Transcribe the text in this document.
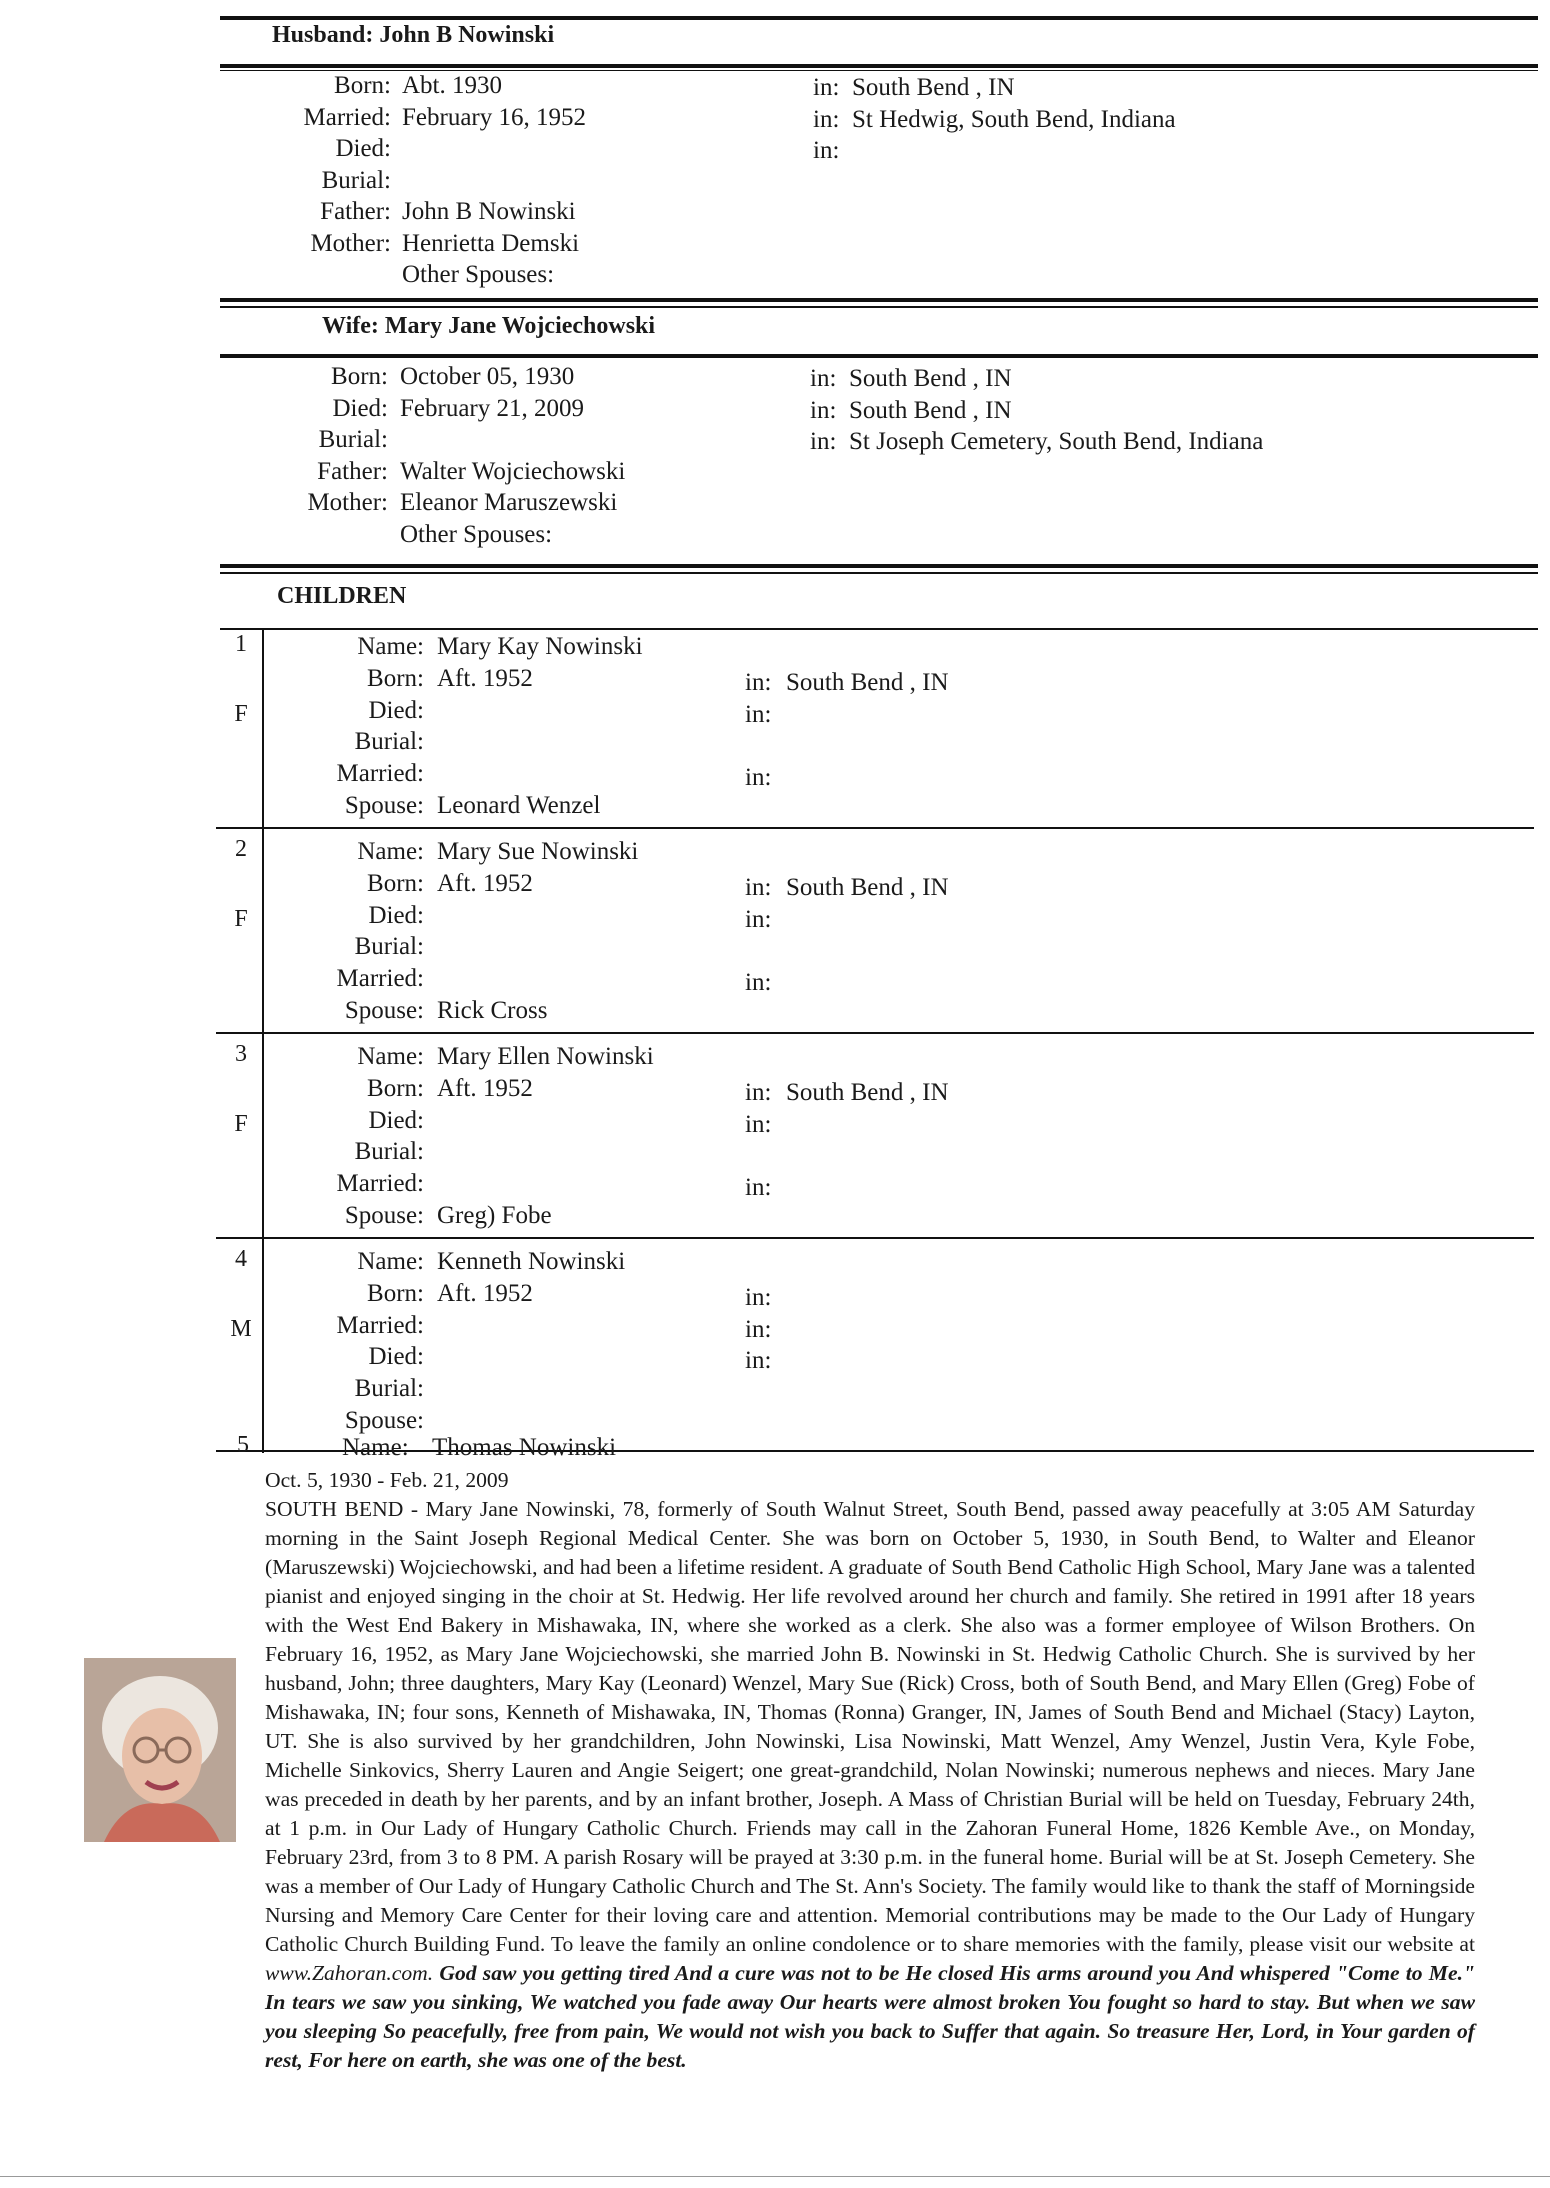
Husband: John B Nowinski
Born: Abt. 1930	in: South Bend , IN
Married: February 16, 1952	in: St Hedwig, South Bend, Indiana
Died:	in:
Burial:
Father: John B Nowinski
Mother: Henrietta Demski
Other Spouses:
Wife: Mary Jane Wojciechowski
Born: October 05, 1930	in: South Bend , IN
Died: February 21, 2009	in: South Bend , IN
Burial:	in: St Joseph Cemetery, South Bend, Indiana
Father: Walter Wojciechowski
Mother: Eleanor Maruszewski
Other Spouses:
CHILDREN
1
F
Name: Mary Kay Nowinski
Born: Aft. 1952	in: South Bend , IN
Died:	in:
Burial:
Married:	in:
Spouse: Leonard Wenzel
2
F
Name: Mary Sue Nowinski
Born: Aft. 1952	in: South Bend , IN
Died:	in:
Burial:
Married:	in:
Spouse: Rick Cross
3
F
Name: Mary Ellen Nowinski
Born: Aft. 1952	in: South Bend , IN
Died:	in:
Burial:
Married:	in:
Spouse: Greg) Fobe
4
M
Name: Kenneth Nowinski
Born: Aft. 1952	in:
Married:	in:
Died:	in:
Burial:
Spouse:
5	Name: Thomas Nowinski

Oct. 5, 1930 - Feb. 21, 2009

SOUTH BEND - Mary Jane Nowinski, 78, formerly of South Walnut Street, South Bend, passed away peacefully at 3:05 AM Saturday morning in the Saint Joseph Regional Medical Center. She was born on October 5, 1930, in South Bend, to Walter and Eleanor (Maruszewski) Wojciechowski, and had been a lifetime resident. A graduate of South Bend Catholic High School, Mary Jane was a talented pianist and enjoyed singing in the choir at St. Hedwig. Her life revolved around her church and family. She retired in 1991 after 18 years with the West End Bakery in Mishawaka, IN, where she worked as a clerk. She also was a former employee of Wilson Brothers. On February 16, 1952, as Mary Jane Wojciechowski, she married John B. Nowinski in St. Hedwig Catholic Church. She is survived by her husband, John; three daughters, Mary Kay (Leonard) Wenzel, Mary Sue (Rick) Cross, both of South Bend, and Mary Ellen (Greg) Fobe of Mishawaka, IN; four sons, Kenneth of Mishawaka, IN, Thomas (Ronna) Granger, IN, James of South Bend and Michael (Stacy) Layton, UT. She is also survived by her grandchildren, John Nowinski, Lisa Nowinski, Matt Wenzel, Amy Wenzel, Justin Vera, Kyle Fobe, Michelle Sinkovics, Sherry Lauren and Angie Seigert; one great-grandchild, Nolan Nowinski; numerous nephews and nieces. Mary Jane was preceded in death by her parents, and by an infant brother, Joseph. A Mass of Christian Burial will be held on Tuesday, February 24th, at 1 p.m. in Our Lady of Hungary Catholic Church. Friends may call in the Zahoran Funeral Home, 1826 Kemble Ave., on Monday, February 23rd, from 3 to 8 PM. A parish Rosary will be prayed at 3:30 p.m. in the funeral home. Burial will be at St. Joseph Cemetery. She was a member of Our Lady of Hungary Catholic Church and The St. Ann's Society. The family would like to thank the staff of Morningside Nursing and Memory Care Center for their loving care and attention. Memorial contributions may be made to the Our Lady of Hungary Catholic Church Building Fund. To leave the family an online condolence or to share memories with the family, please visit our website at www.Zahoran.com. God saw you getting tired And a cure was not to be He closed His arms around you And whispered "Come to Me." In tears we saw you sinking, We watched you fade away Our hearts were almost broken You fought so hard to stay. But when we saw you sleeping So peacefully, free from pain, We would not wish you back to Suffer that again. So treasure Her, Lord, in Your garden of rest, For here on earth, she was one of the best.
